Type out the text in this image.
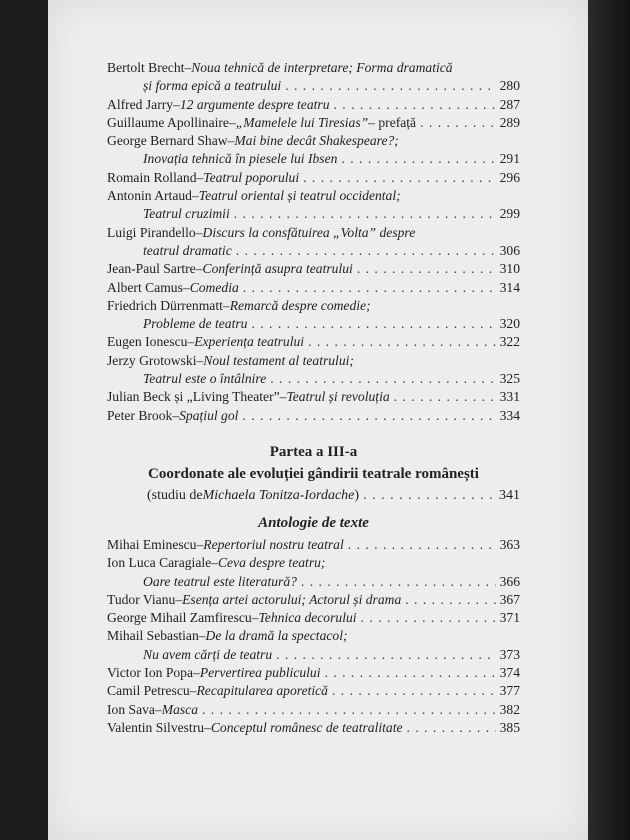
Bertolt Brecht – Noua tehnică de interpretare; Forma dramatică
și forma epică a teatrului . . .	280
Alfred Jarry – 12 argumente despre teatru . . .	287
Guillaume Apollinaire – „Mamelele lui Tiresias” – prefață . . .	289
George Bernard Shaw – Mai bine decât Shakespeare?;
Inovația tehnică în piesele lui Ibsen . . .	291
Romain Rolland – Teatrul poporului . . .	296
Antonin Artaud – Teatrul oriental și teatrul occidental;
Teatrul cruzimii . . .	299
Luigi Pirandello – Discurs la consfătuirea „Volta” despre
teatrul dramatic . . .	306
Jean-Paul Sartre – Conferință asupra teatrului . . .	310
Albert Camus – Comedia . . .	314
Friedrich Dürrenmatt – Remarcă despre comedie;
Probleme de teatru . . .	320
Eugen Ionescu – Experiența teatrului . . .	322
Jerzy Grotowski – Noul testament al teatrului;
Teatrul este o întâlnire . . .	325
Julian Beck și „Living Theater” – Teatrul și revoluția . . .	331
Peter Brook – Spațiul gol . . .	334
Partea a III-a
Coordonate ale evoluției gândirii teatrale românești
(studiu de Michaela Tonitza-Iordache ) . . .	341
Antologie de texte
Mihai Eminescu – Repertoriul nostru teatral . . .	363
Ion Luca Caragiale – Ceva despre teatru;
Oare teatrul este literatură? . . .	366
Tudor Vianu – Esența artei actorului; Actorul și drama . . .	367
George Mihail Zamfirescu – Tehnica decorului . . .	371
Mihail Sebastian – De la dramă la spectacol;
Nu avem cărți de teatru . . .	373
Victor Ion Popa – Pervertirea publicului . . .	374
Camil Petrescu – Recapitularea aporetică . . .	377
Ion Sava – Masca . . .	382
Valentin Silvestru – Conceptul românesc de teatralitate . . .	385
